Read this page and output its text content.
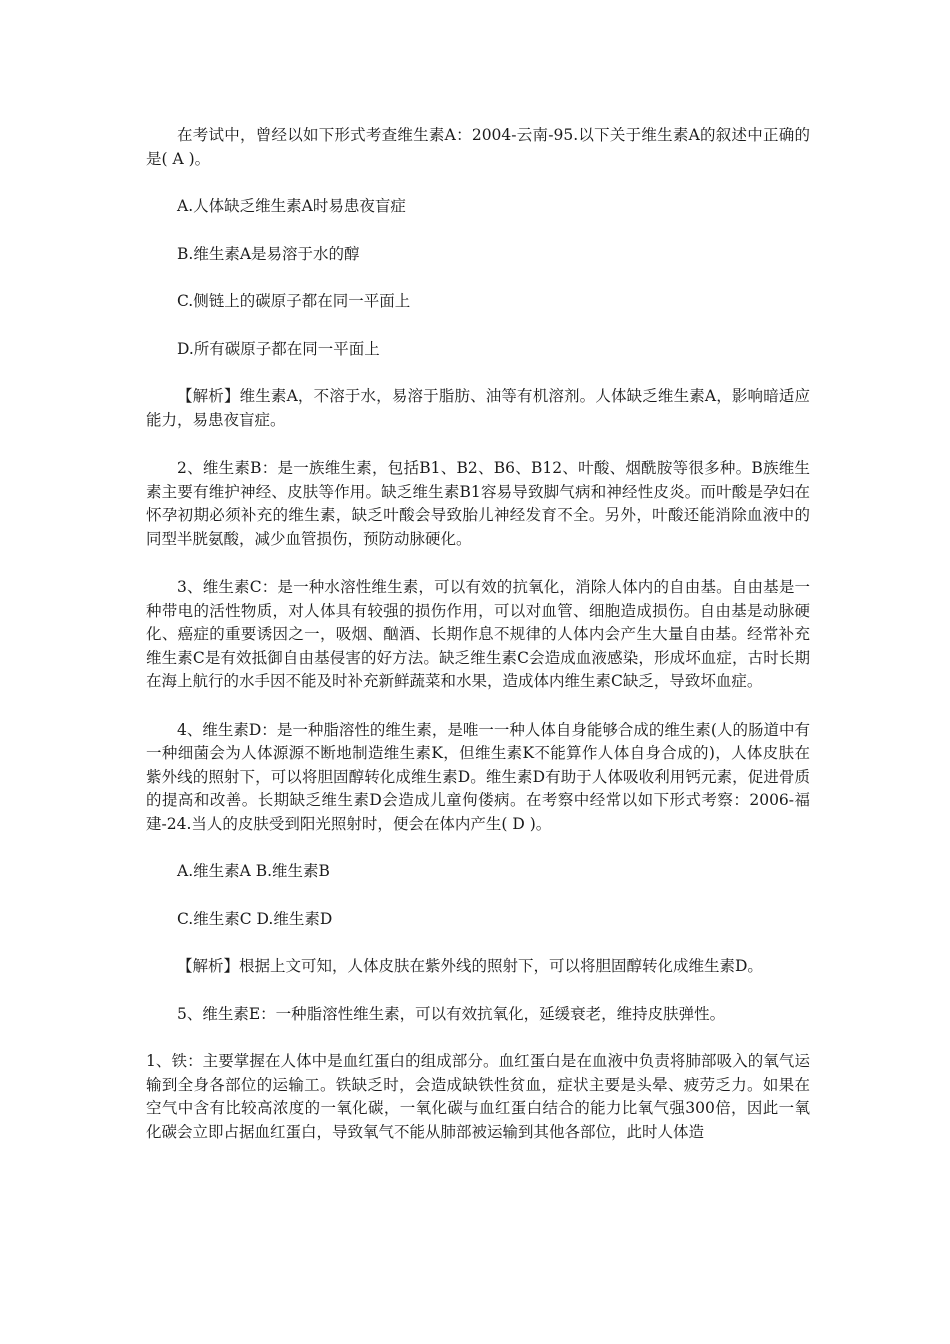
在考试中，曾经以如下形式考查维生素A：2004-云南-95.以下关于维生素A的叙述中正确的是( A )。

A.人体缺乏维生素A时易患夜盲症

B.维生素A是易溶于水的醇

C.侧链上的碳原子都在同一平面上

D.所有碳原子都在同一平面上

【解析】维生素A，不溶于水，易溶于脂肪、油等有机溶剂。人体缺乏维生素A，影响暗适应能力，易患夜盲症。

2、维生素B：是一族维生素，包括B1、B2、B6、B12、叶酸、烟酰胺等很多种。B族维生素主要有维护神经、皮肤等作用。缺乏维生素B1容易导致脚气病和神经性皮炎。而叶酸是孕妇在怀孕初期必须补充的维生素，缺乏叶酸会导致胎儿神经发育不全。另外，叶酸还能消除血液中的同型半胱氨酸，减少血管损伤，预防动脉硬化。

3、维生素C：是一种水溶性维生素，可以有效的抗氧化，消除人体内的自由基。自由基是一种带电的活性物质，对人体具有较强的损伤作用，可以对血管、细胞造成损伤。自由基是动脉硬化、癌症的重要诱因之一，吸烟、酗酒、长期作息不规律的人体内会产生大量自由基。经常补充维生素C是有效抵御自由基侵害的好方法。缺乏维生素C会造成血液感染，形成坏血症，古时长期在海上航行的水手因不能及时补充新鲜蔬菜和水果，造成体内维生素C缺乏，导致坏血症。

4、维生素D：是一种脂溶性的维生素，是唯一一种人体自身能够合成的维生素(人的肠道中有一种细菌会为人体源源不断地制造维生素K，但维生素K不能算作人体自身合成的)，人体皮肤在紫外线的照射下，可以将胆固醇转化成维生素D。维生素D有助于人体吸收利用钙元素，促进骨质的提高和改善。长期缺乏维生素D会造成儿童佝偻病。在考察中经常以如下形式考察：2006-福建-24.当人的皮肤受到阳光照射时，便会在体内产生( D )。

A.维生素A B.维生素B

C.维生素C D.维生素D

【解析】根据上文可知，人体皮肤在紫外线的照射下，可以将胆固醇转化成维生素D。

5、维生素E：一种脂溶性维生素，可以有效抗氧化，延缓衰老，维持皮肤弹性。

1、铁：主要掌握在人体中是血红蛋白的组成部分。血红蛋白是在血液中负责将肺部吸入的氧气运输到全身各部位的运输工。铁缺乏时，会造成缺铁性贫血，症状主要是头晕、疲劳乏力。如果在空气中含有比较高浓度的一氧化碳，一氧化碳与血红蛋白结合的能力比氧气强300倍，因此一氧化碳会立即占据血红蛋白，导致氧气不能从肺部被运输到其他各部位，此时人体造
